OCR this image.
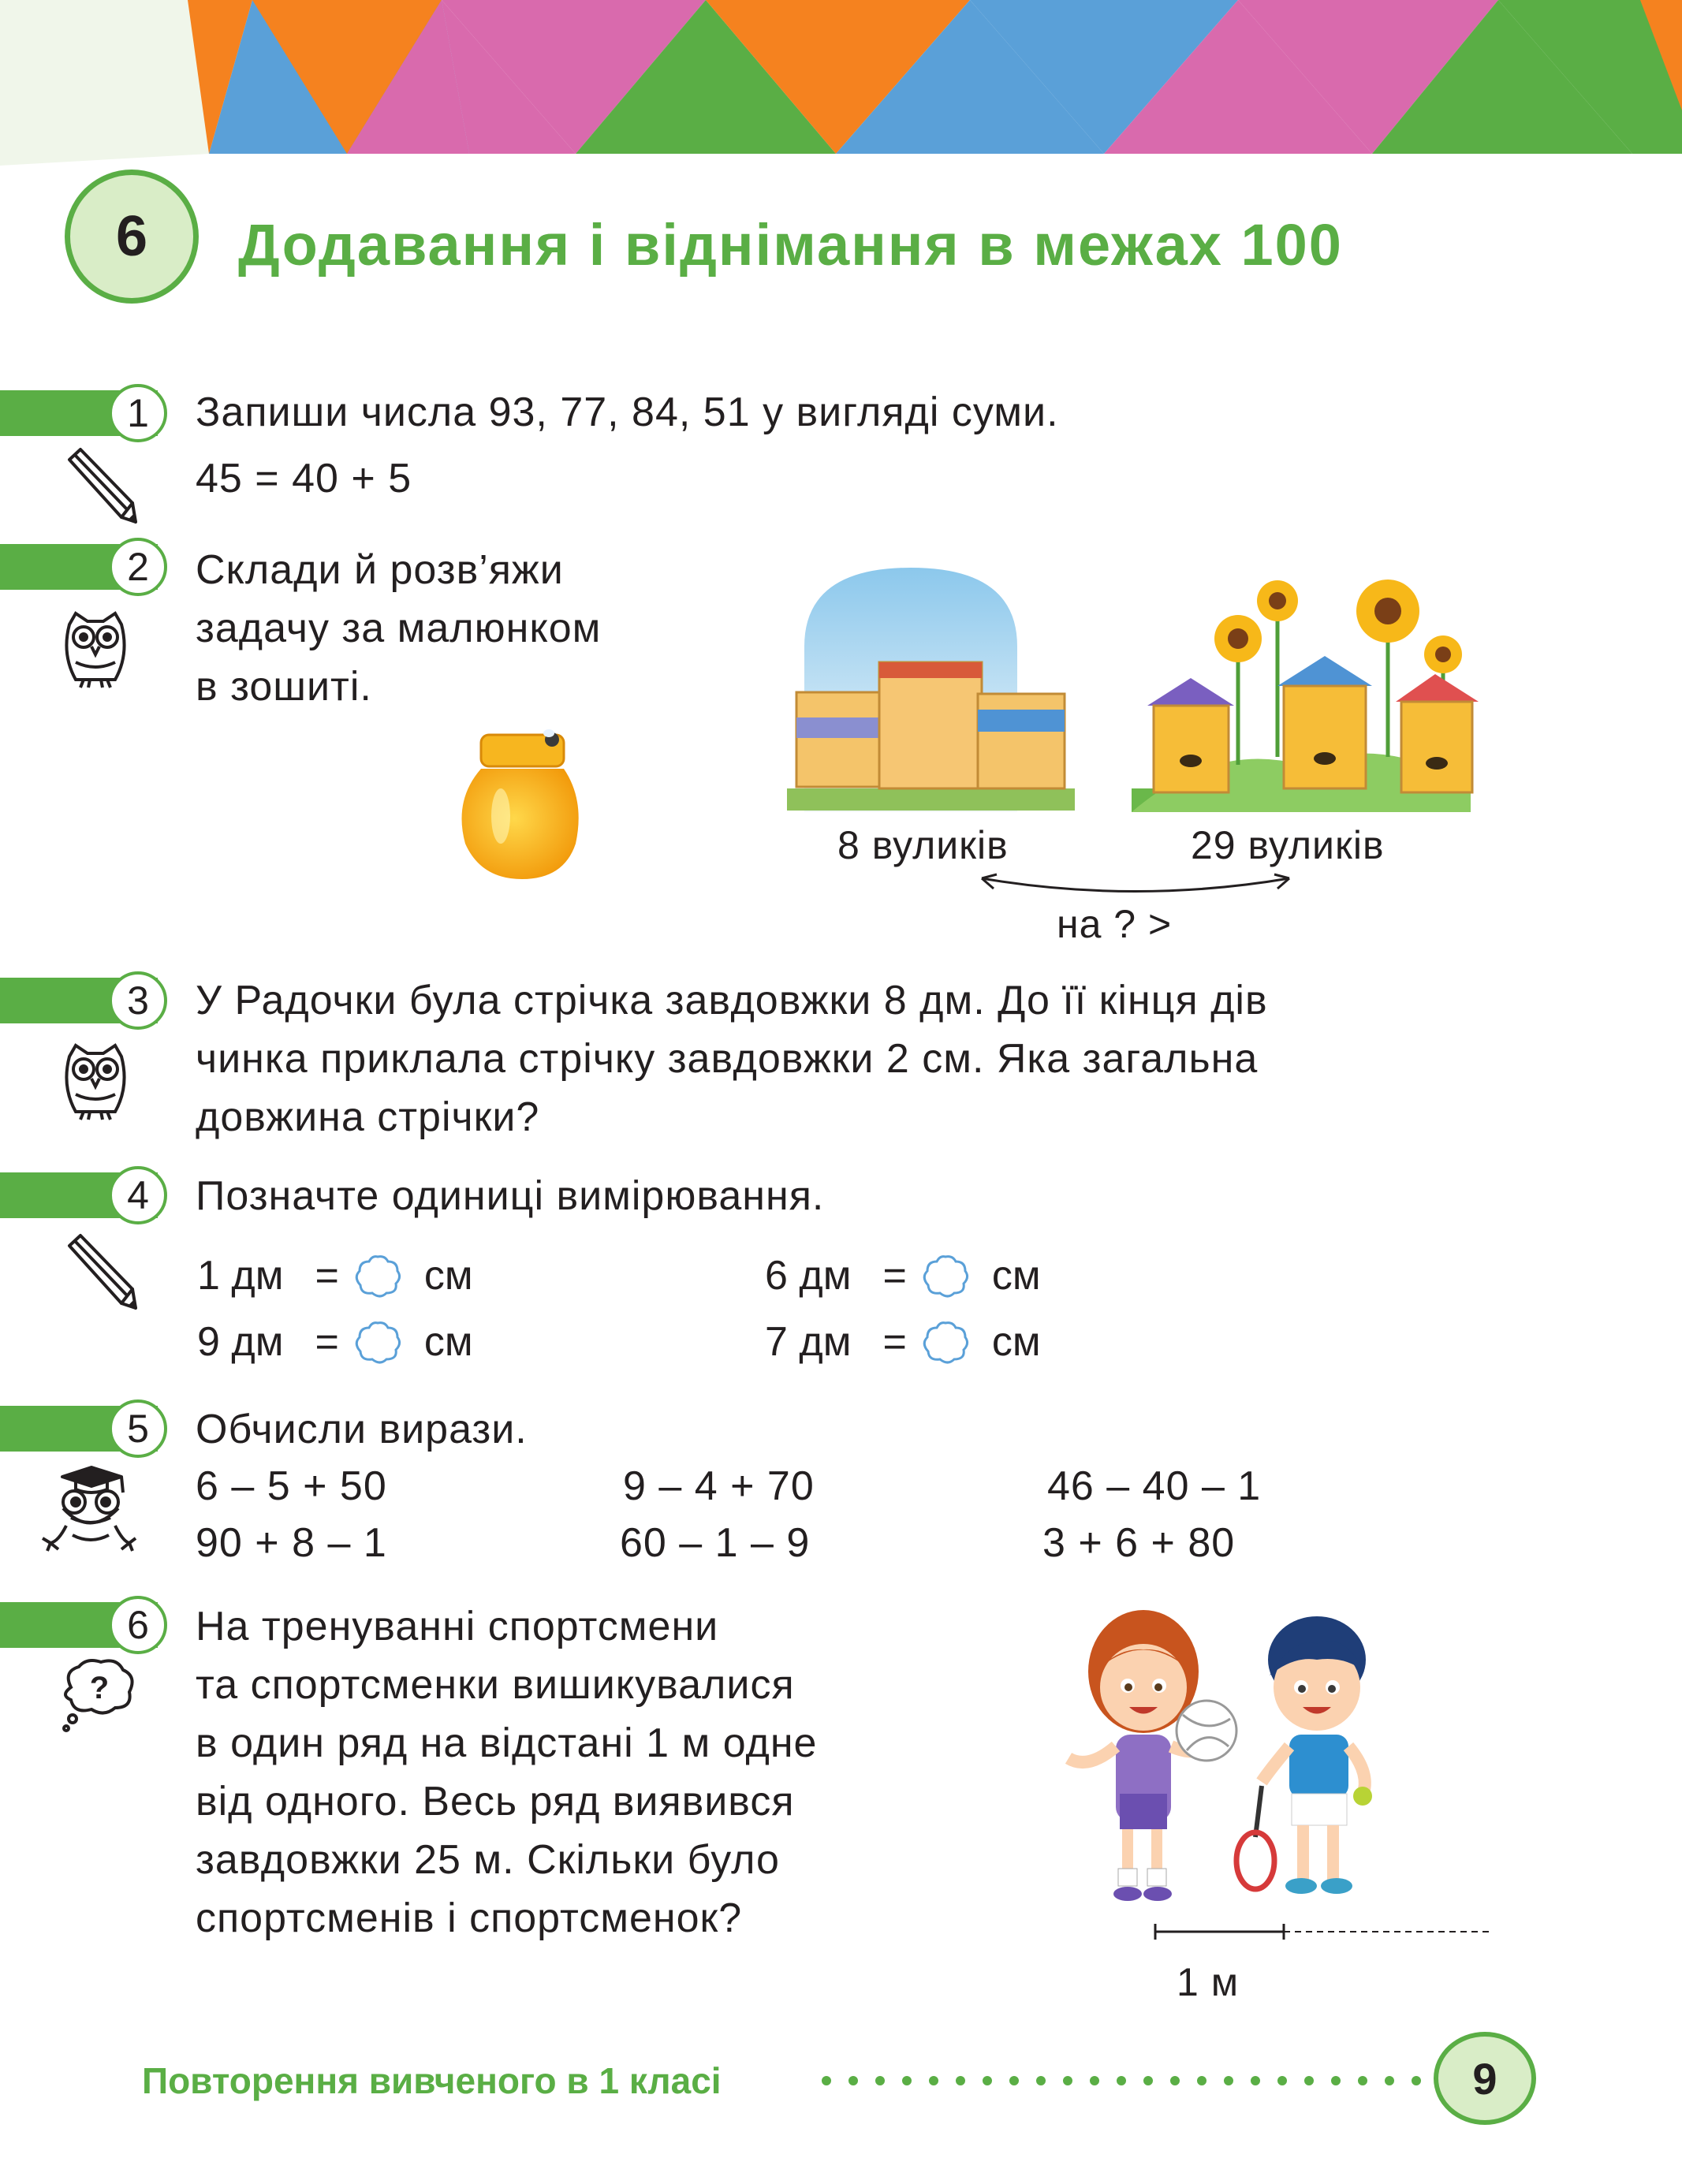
6 Додавання і віднімання в межах 100
1	Запиши числа 93, 77, 84, 51 у вигляді суми.
45 = 40 + 5
2	Склади й розв’яжи
задачу за малюнком
в зошиті.
8 вуликів	29 вуликів
на ? >
3	У Радочки була стрічка завдовжки 8 дм. До її кінця дів
чинка приклала стрічку завдовжки 2 см. Яка загальна
довжина стрічки?
4	Позначте одиниці вимірювання.
1 дм = см	6 дм = см
9 дм = см	7 дм = см
5	Обчисли вирази.
6 – 5 + 50	9 – 4 + 70	46 – 40 – 1
90 + 8 – 1	60 – 1 – 9	3 + 6 + 80
6	На тренуванні спортсмени
та спортсменки вишикувалися
в один ряд на відстані 1 м одне
від одного. Весь ряд виявився
завдовжки 25 м. Скільки було
спортсменів і спортсменок?
?
1 м
Повторення вивченого в 1 класі	9
